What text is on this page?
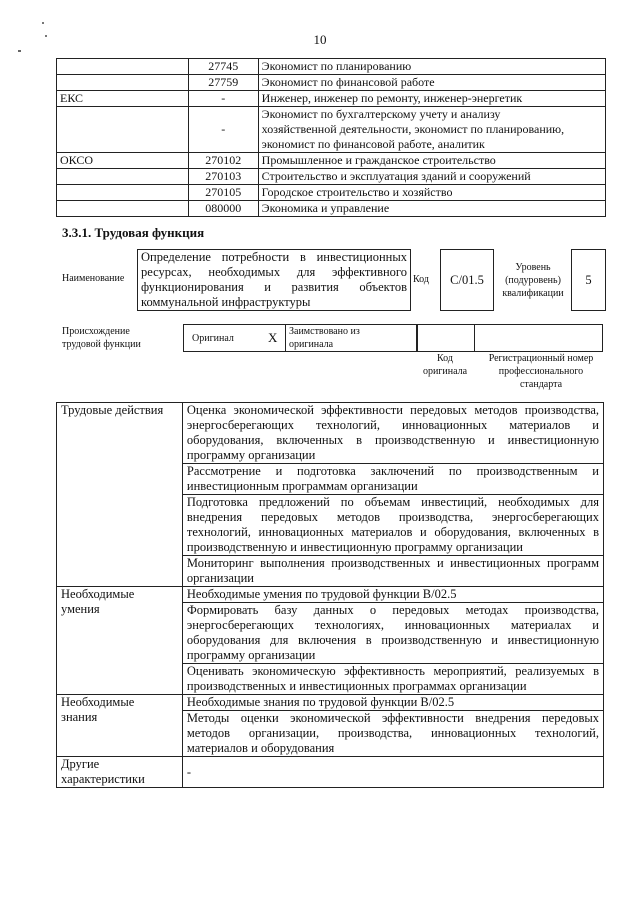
10
	27745	Экономист по планированию
	27759	Экономист по финансовой работе
ЕКС	-	Инженер, инженер по ремонту, инженер-энергетик
	-	Экономист по бухгалтерскому учету и анализу
хозяйственной деятельности, экономист по планированию,
экономист по финансовой работе, аналитик

ОКСО	270102	Промышленное и гражданское строительство
	270103	Строительство и эксплуатация зданий и сооружений
	270105	Городское строительство и хозяйство
	080000	Экономика и управление
3.3.1. Трудовая функция
Наименование
Определение потребности в инвестиционных
ресурсах, необходимых для эффективного
функционирования и развития объектов
коммунальной инфраструктуры
Код C/01.5
Уровень
(подуровень)
квалификации
5
Происхождение
трудовой функции
Оригинал	X Заимствовано из
оригинала
Код
оригинала
Регистрационный номер
профессионального
стандарта
Трудовые действия	Оценка экономической эффективности передовых методов производства,
энергосберегающих технологий, инновационных материалов и
оборудования, включенных в производственную и инвестиционную
программу организации

	Рассмотрение и подготовка заключений по производственным и
инвестиционным программам организации

	Подготовка предложений по объемам инвестиций, необходимых для
внедрения передовых методов производства, энергосберегающих
технологий, инновационных материалов и оборудования, включенных в
производственную и инвестиционную программу организации

	Мониторинг выполнения производственных и инвестиционных программ
организации

Необходимые
умения	Необходимые умения по трудовой функции B/02.5

	Формировать базу данных о передовых методах производства,
энергосберегающих технологиях, инновационных материалах и
оборудования для включения в производственную и инвестиционную
программу организации

	Оценивать экономическую эффективность мероприятий, реализуемых в
производственных и инвестиционных программах организации

Необходимые
знания	Необходимые знания по трудовой функции B/02.5

	Методы оценки экономической эффективности внедрения передовых
методов организации, производства, инновационных технологий,
материалов и оборудования

Другие
характеристики	-
